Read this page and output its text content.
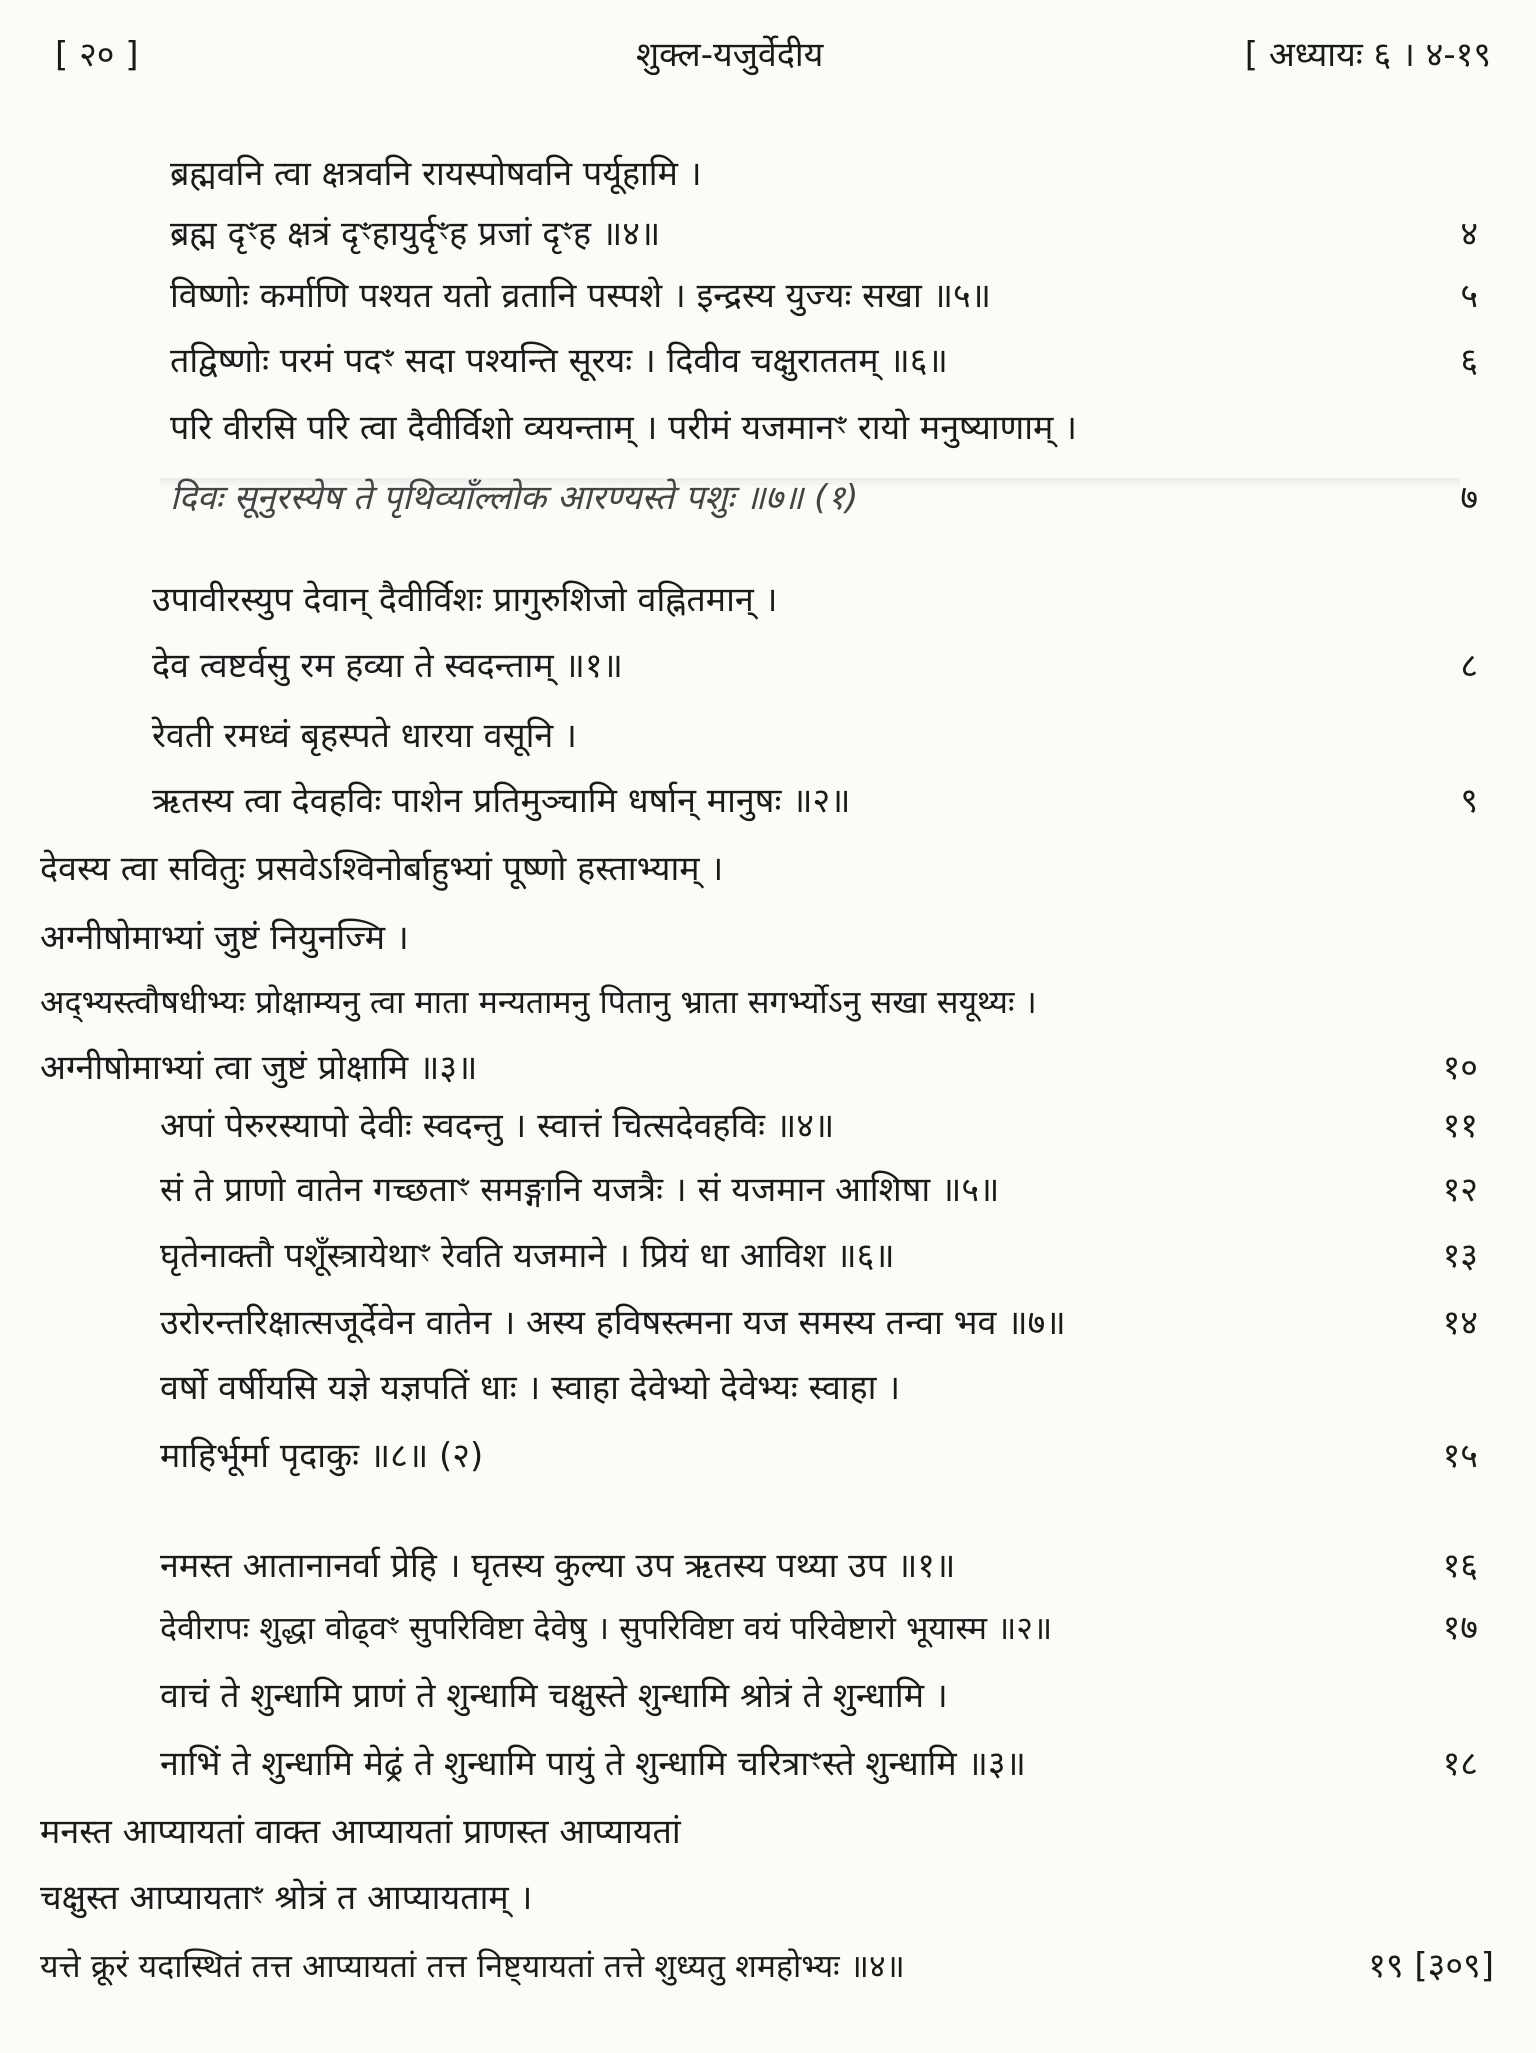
[ २० ]	शुक्ल-यजुर्वेदीय	[ अध्यायः ६ । ४-१९
ब्रह्मवनि त्वा क्षत्रवनि रायस्पोषवनि पर्यूहामि ।
ब्रह्म दृꣳह क्षत्रं दृꣳहायुर्दृꣳह प्रजां दृꣳह ॥४॥	४
विष्णोः कर्माणि पश्यत यतो व्रतानि पस्पशे । इन्द्रस्य युज्यः सखा ॥५॥	५
तद्विष्णोः परमं पदꣳ सदा पश्यन्ति सूरयः । दिवीव चक्षुराततम् ॥६॥	६
परि वीरसि परि त्वा दैवीर्विशो व्ययन्ताम् । परीमं यजमानꣳ रायो मनुष्याणाम् ।
दिवः सूनुरस्येष ते पृथिव्याँल्लोक आरण्यस्ते पशुः ॥७॥ (१)	७
उपावीरस्युप देवान् दैवीर्विशः प्रागुरुशिजो वह्नितमान् ।
देव त्वष्टर्वसु रम हव्या ते स्वदन्ताम् ॥१॥	८
रेवती रमध्वं बृहस्पते धारया वसूनि ।
ऋतस्य त्वा देवहविः पाशेन प्रतिमुञ्चामि धर्षान् मानुषः ॥२॥	९
देवस्य त्वा सवितुः प्रसवेऽश्विनोर्बाहुभ्यां पूष्णो हस्ताभ्याम् ।
अग्नीषोमाभ्यां जुष्टं नियुनज्मि ।
अद्भ्यस्त्वौषधीभ्यः प्रोक्षाम्यनु त्वा माता मन्यतामनु पितानु भ्राता सगर्भ्योऽनु सखा सयूथ्यः ।
अग्नीषोमाभ्यां त्वा जुष्टं प्रोक्षामि ॥३॥	१०
अपां पेरुरस्यापो देवीः स्वदन्तु । स्वात्तं चित्सदेवहविः ॥४॥	११
सं ते प्राणो वातेन गच्छताꣳ समङ्गानि यजत्रैः । सं यजमान आशिषा ॥५॥	१२
घृतेनाक्तौ पशूँस्त्रायेथाꣳ रेवति यजमाने । प्रियं धा आविश ॥६॥	१३
उरोरन्तरिक्षात्सजूर्देवेन वातेन । अस्य हविषस्त्मना यज समस्य तन्वा भव ॥७॥	१४
वर्षो वर्षीयसि यज्ञे यज्ञपतिं धाः । स्वाहा देवेभ्यो देवेभ्यः स्वाहा ।
माहिर्भूर्मा पृदाकुः ॥८॥ (२)	१५
नमस्त आतानानर्वा प्रेहि । घृतस्य कुल्या उप ऋतस्य पथ्या उप ॥१॥	१६
देवीरापः शुद्धा वोढ्वꣳ सुपरिविष्टा देवेषु । सुपरिविष्टा वयं परिवेष्टारो भूयास्म ॥२॥	१७
वाचं ते शुन्धामि प्राणं ते शुन्धामि चक्षुस्ते शुन्धामि श्रोत्रं ते शुन्धामि ।
नाभिं ते शुन्धामि मेढ्रं ते शुन्धामि पायुं ते शुन्धामि चरित्राꣳस्ते शुन्धामि ॥३॥	१८
मनस्त आप्यायतां वाक्त आप्यायतां प्राणस्त आप्यायतां
चक्षुस्त आप्यायताꣳ श्रोत्रं त आप्यायताम् ।
यत्ते क्रूरं यदास्थितं तत्त आप्यायतां तत्त निष्ट्यायतां तत्ते शुध्यतु शमहोभ्यः ॥४॥	१९ [३०९]
